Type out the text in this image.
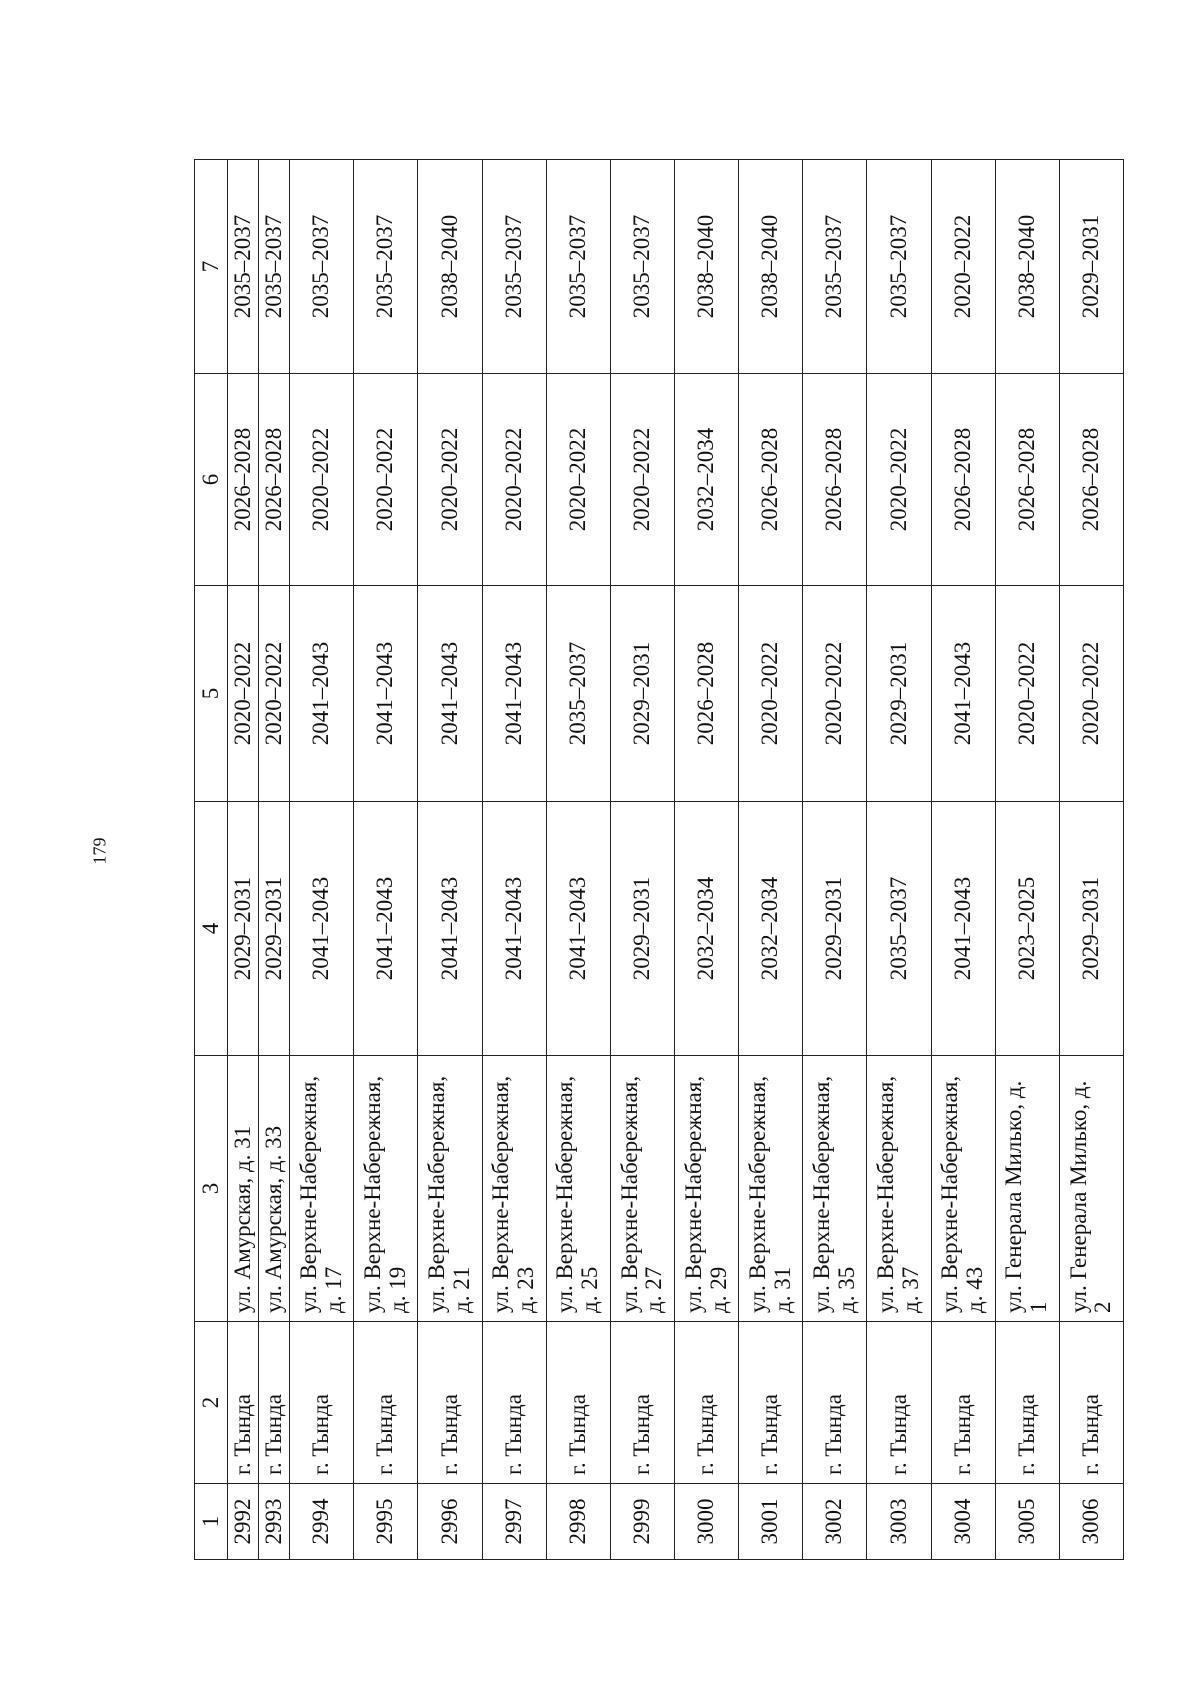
179
1	2	3	4	5	6	7
2992	г. Тында	ул. Амурская, д. 31	2029–2031	2020–2022	2026–2028	2035–2037
2993	г. Тында	ул. Амурская, д. 33	2029–2031	2020–2022	2026–2028	2035–2037
2994	г. Тында	ул. Верхне-Набережная, д. 17	2041–2043	2041–2043	2020–2022	2035–2037
2995	г. Тында	ул. Верхне-Набережная, д. 19	2041–2043	2041–2043	2020–2022	2035–2037
2996	г. Тында	ул. Верхне-Набережная, д. 21	2041–2043	2041–2043	2020–2022	2038–2040
2997	г. Тында	ул. Верхне-Набережная, д. 23	2041–2043	2041–2043	2020–2022	2035–2037
2998	г. Тында	ул. Верхне-Набережная, д. 25	2041–2043	2035–2037	2020–2022	2035–2037
2999	г. Тында	ул. Верхне-Набережная, д. 27	2029–2031	2029–2031	2020–2022	2035–2037
3000	г. Тында	ул. Верхне-Набережная, д. 29	2032–2034	2026–2028	2032–2034	2038–2040
3001	г. Тында	ул. Верхне-Набережная, д. 31	2032–2034	2020–2022	2026–2028	2038–2040
3002	г. Тында	ул. Верхне-Набережная, д. 35	2029–2031	2020–2022	2026–2028	2035–2037
3003	г. Тында	ул. Верхне-Набережная, д. 37	2035–2037	2029–2031	2020–2022	2035–2037
3004	г. Тында	ул. Верхне-Набережная, д. 43	2041–2043	2041–2043	2026–2028	2020–2022
3005	г. Тында	ул. Генерала Милько, д. 1	2023–2025	2020–2022	2026–2028	2038–2040
3006	г. Тында	ул. Генерала Милько, д. 2	2029–2031	2020–2022	2026–2028	2029–2031
